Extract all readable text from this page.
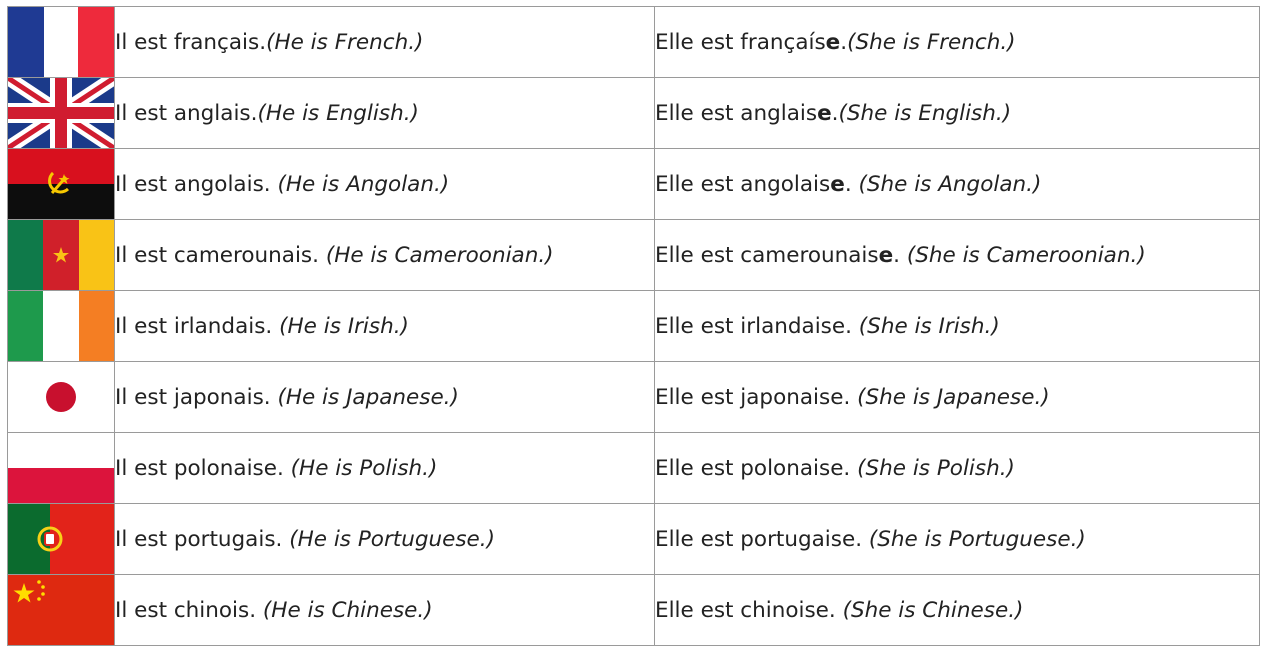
	Il est français.(He is French.)	Elle est françaíse.(She is French.)

	Il est anglais.(He is English.)	Elle est anglaise.(She is English.)

	Il est angolais. (He is Angolan.)	Elle est angolaise. (She is Angolan.)

	Il est camerounais. (He is Cameroonian.)	Elle est camerounaise. (She is Cameroonian.)

	Il est irlandais. (He is Irish.)	Elle est irlandaise. (She is Irish.)

	Il est japonais. (He is Japanese.)	Elle est japonaise. (She is Japanese.)

	Il est polonaise. (He is Polish.)	Elle est polonaise. (She is Polish.)

	Il est portugais. (He is Portuguese.)	Elle est portugaise. (She is Portuguese.)

	Il est chinois. (He is Chinese.)	Elle est chinoise. (She is Chinese.)
